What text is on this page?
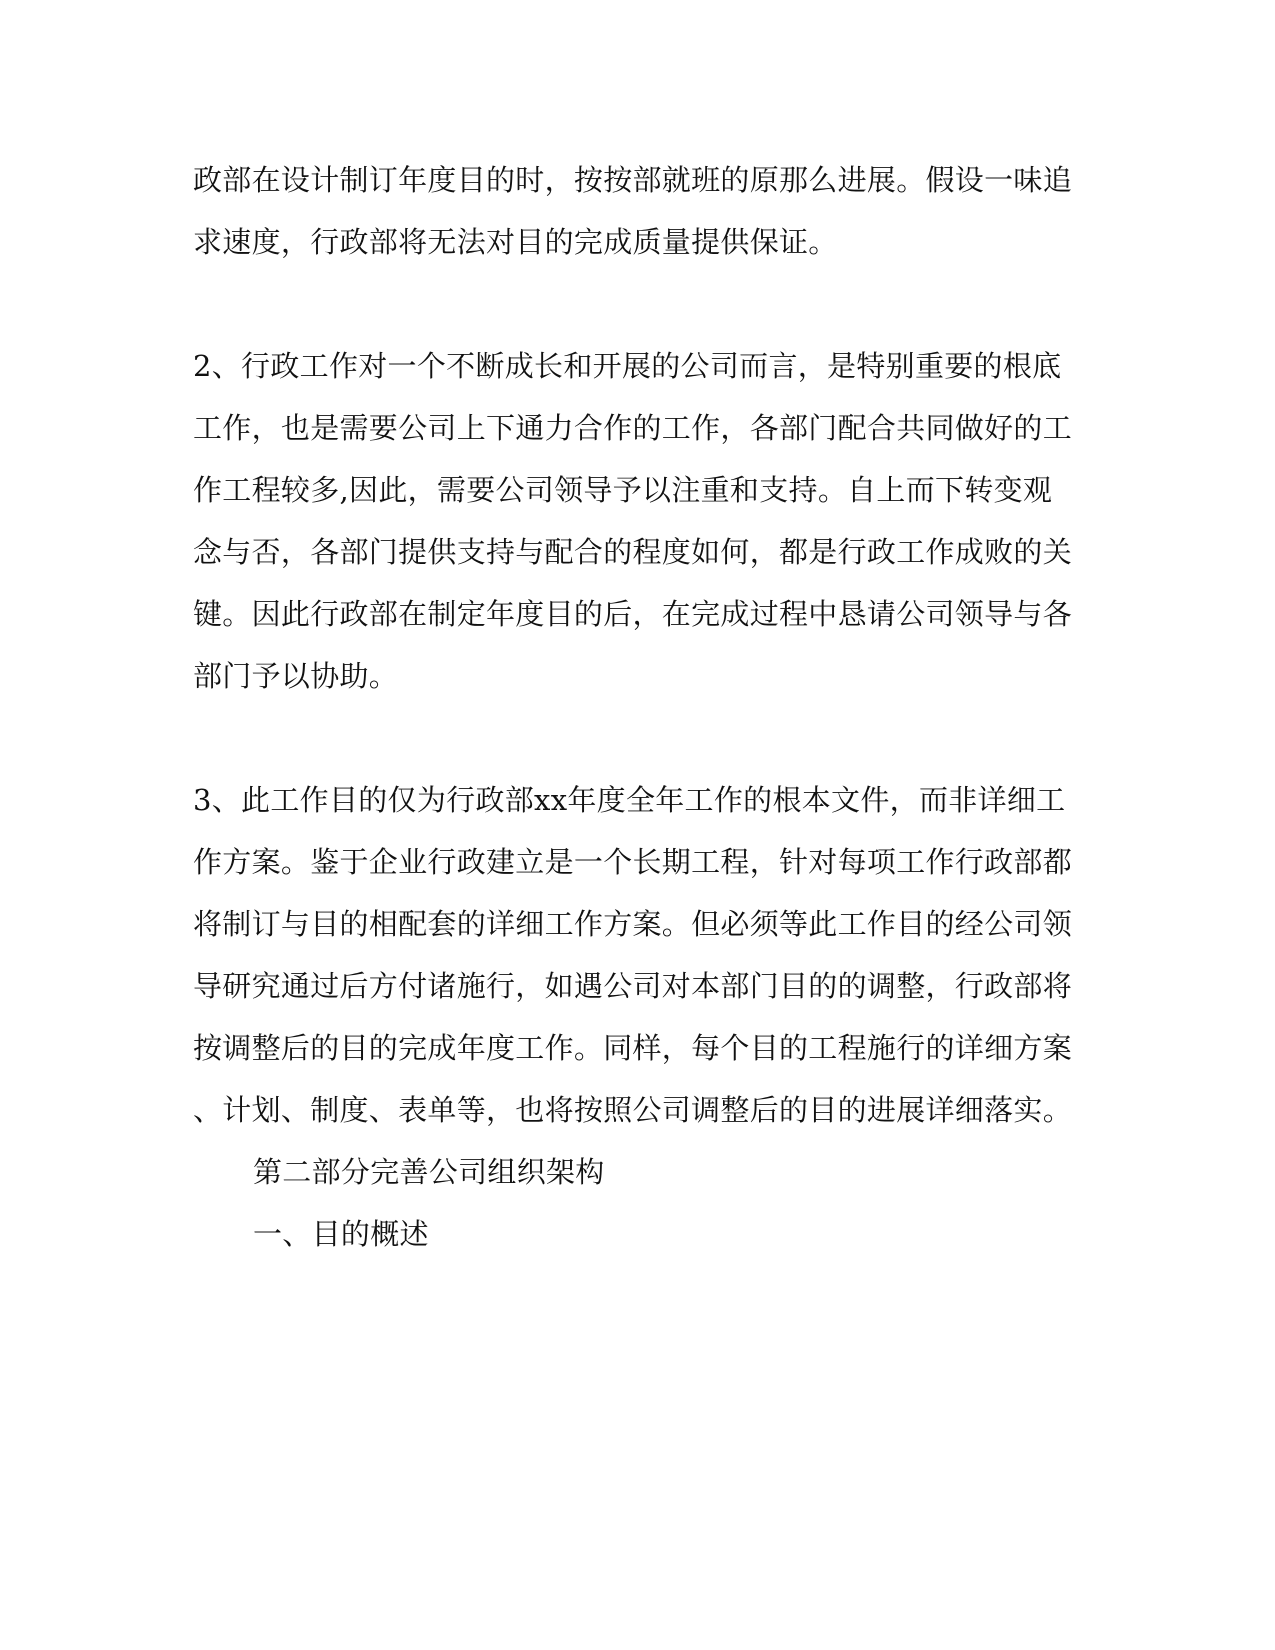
政部在设计制订年度目的时，按按部就班的原那么进展。假设一味追
求速度，行政部将无法对目的完成质量提供保证。
2、行政工作对一个不断成长和开展的公司而言，是特别重要的根底
工作，也是需要公司上下通力合作的工作，各部门配合共同做好的工
作工程较多,因此，需要公司领导予以注重和支持。自上而下转变观
念与否，各部门提供支持与配合的程度如何，都是行政工作成败的关
键。因此行政部在制定年度目的后，在完成过程中恳请公司领导与各
部门予以协助。
3、此工作目的仅为行政部xx年度全年工作的根本文件，而非详细工
作方案。鉴于企业行政建立是一个长期工程，针对每项工作行政部都
将制订与目的相配套的详细工作方案。但必须等此工作目的经公司领
导研究通过后方付诸施行，如遇公司对本部门目的的调整，行政部将
按调整后的目的完成年度工作。同样，每个目的工程施行的详细方案
、计划、制度、表单等，也将按照公司调整后的目的进展详细落实。
第二部分完善公司组织架构
一、目的概述
